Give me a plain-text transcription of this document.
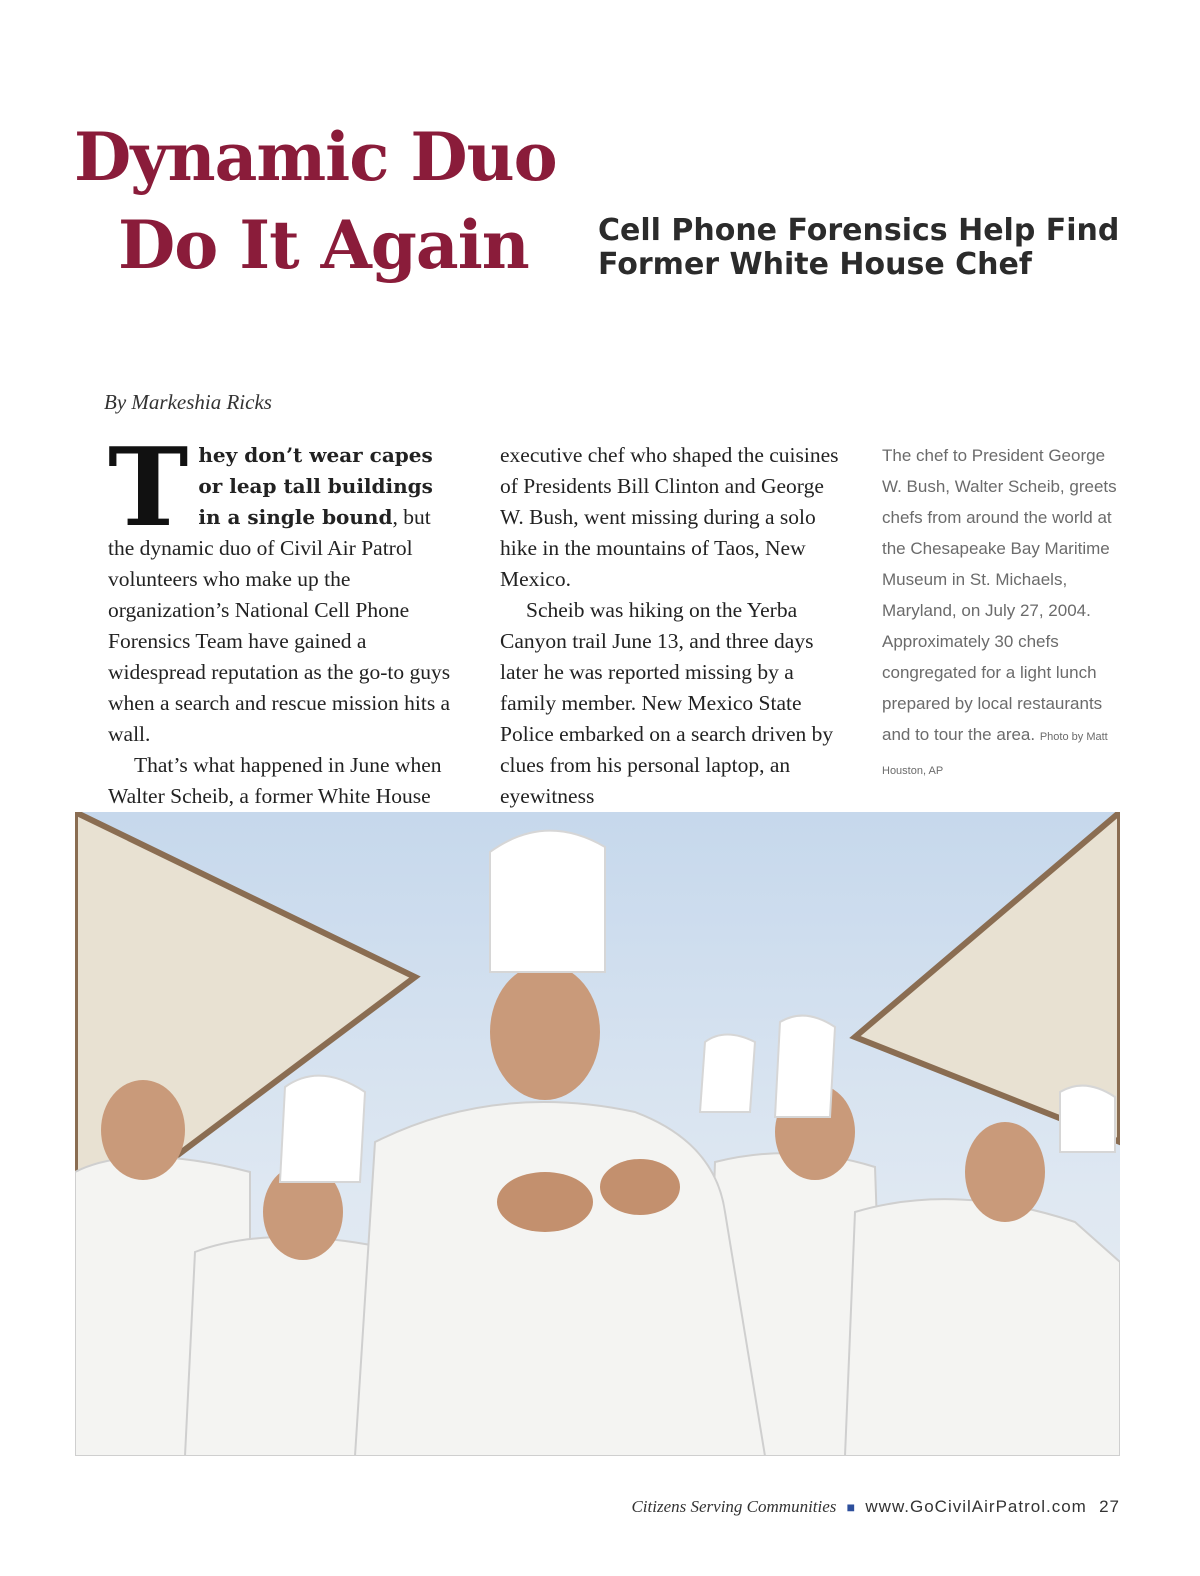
Dynamic Duo
Do It Again Cell Phone Forensics Help Find Former White House Chef
By Markeshia Ricks

They don’t wear capes or leap tall buildings in a single bound, but the dynamic duo of Civil Air Patrol volunteers who make up the organization’s National Cell Phone Forensics Team have gained a widespread reputation as the go-to guys when a search and rescue mission hits a wall.

That’s what happened in June when Walter Scheib, a former White House

executive chef who shaped the cuisines of Presidents Bill Clinton and George W. Bush, went missing during a solo hike in the mountains of Taos, New Mexico.

Scheib was hiking on the Yerba Canyon trail June 13, and three days later he was reported missing by a family member. New Mexico State Police embarked on a search driven by clues from his personal laptop, an eyewitness

The chef to President George W. Bush, Walter Scheib, greets chefs from around the world at the Chesapeake Bay Maritime Museum in St. Michaels, Maryland, on July 27, 2004. Approximately 30 chefs congregated for a light lunch prepared by local restaurants and to tour the area. Photo by Matt Houston, AP
Citizens Serving Communities ■ www.GoCivilAirPatrol.com 27
